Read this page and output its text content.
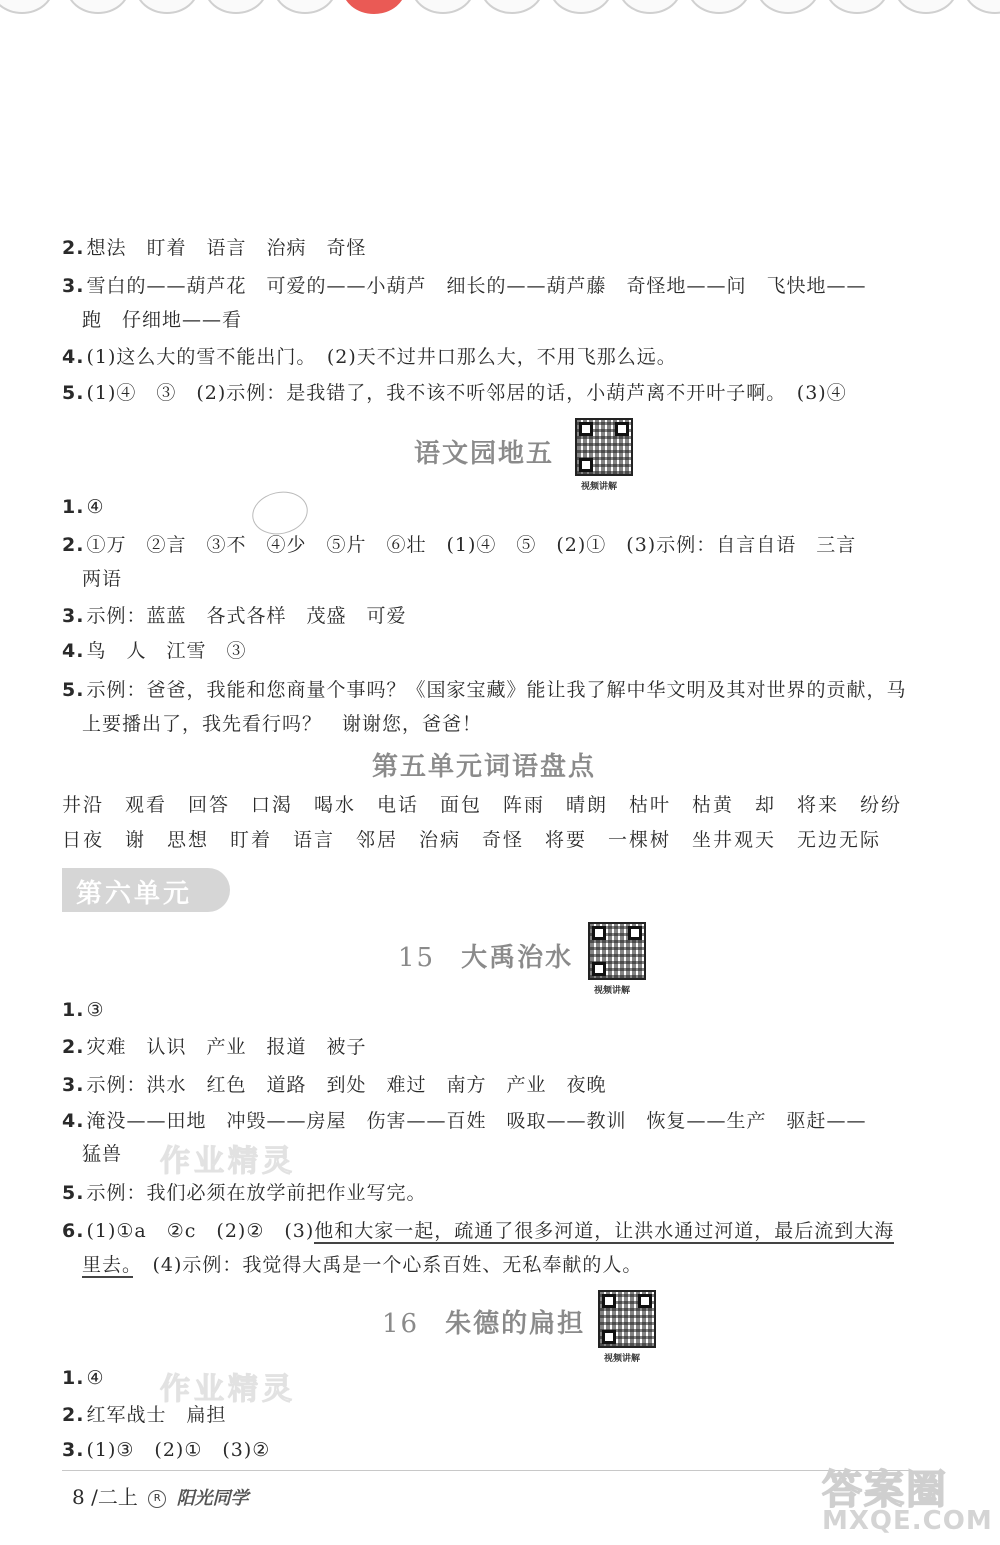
2. 想法　盯着　语言　治病　奇怪
3. 雪白的——葫芦花　可爱的——小葫芦　细长的——葫芦藤　奇怪地——问　飞快地——
跑　仔细地——看
4. (1)这么大的雪不能出门。　(2)天不过井口那么大，不用飞那么远。
5. (1)④　③　(2)示例：是我错了，我不该不听邻居的话，小葫芦离不开叶子啊。　(3)④
语文园地五
视频讲解
1. ④
2. ①万　②言　③不　④少　⑤片　⑥壮　(1)④　⑤　(2)①　(3)示例：自言自语　三言
两语
3. 示例：蓝蓝　各式各样　茂盛　可爱
4. 鸟　人　江雪　③
5. 示例：爸爸，我能和您商量个事吗？《国家宝藏》能让我了解中华文明及其对世界的贡献，马
上要播出了，我先看行吗？　谢谢您，爸爸！
第五单元词语盘点
井沿　观看　回答　口渴　喝水　电话　面包　阵雨　晴朗　枯叶　枯黄　却　将来　纷纷
日夜　谢　思想　盯着　语言　邻居　治病　奇怪　将要　一棵树　坐井观天　无边无际
第六单元
15 大禹治水
视频讲解
1. ③
2. 灾难　认识　产业　报道　被子
3. 示例：洪水　红色　道路　到处　难过　南方　产业　夜晚
4. 淹没——田地　冲毁——房屋　伤害——百姓　吸取——教训　恢复——生产　驱赶——
猛兽 作业精灵
5. 示例：我们必须在放学前把作业写完。
6. (1)①a　②c　(2)②　(3)他和大家一起，疏通了很多河道，让洪水通过河道，最后流到大海
里去。　(4)示例：我觉得大禹是一个心系百姓、无私奉献的人。
16 朱德的扁担
视频讲解
1. ④ 作业精灵
2. 红军战士　扁担
3. (1)③　(2)①　(3)②
8 /二上 R 阳光同学	答案圈
MXQE.COM
